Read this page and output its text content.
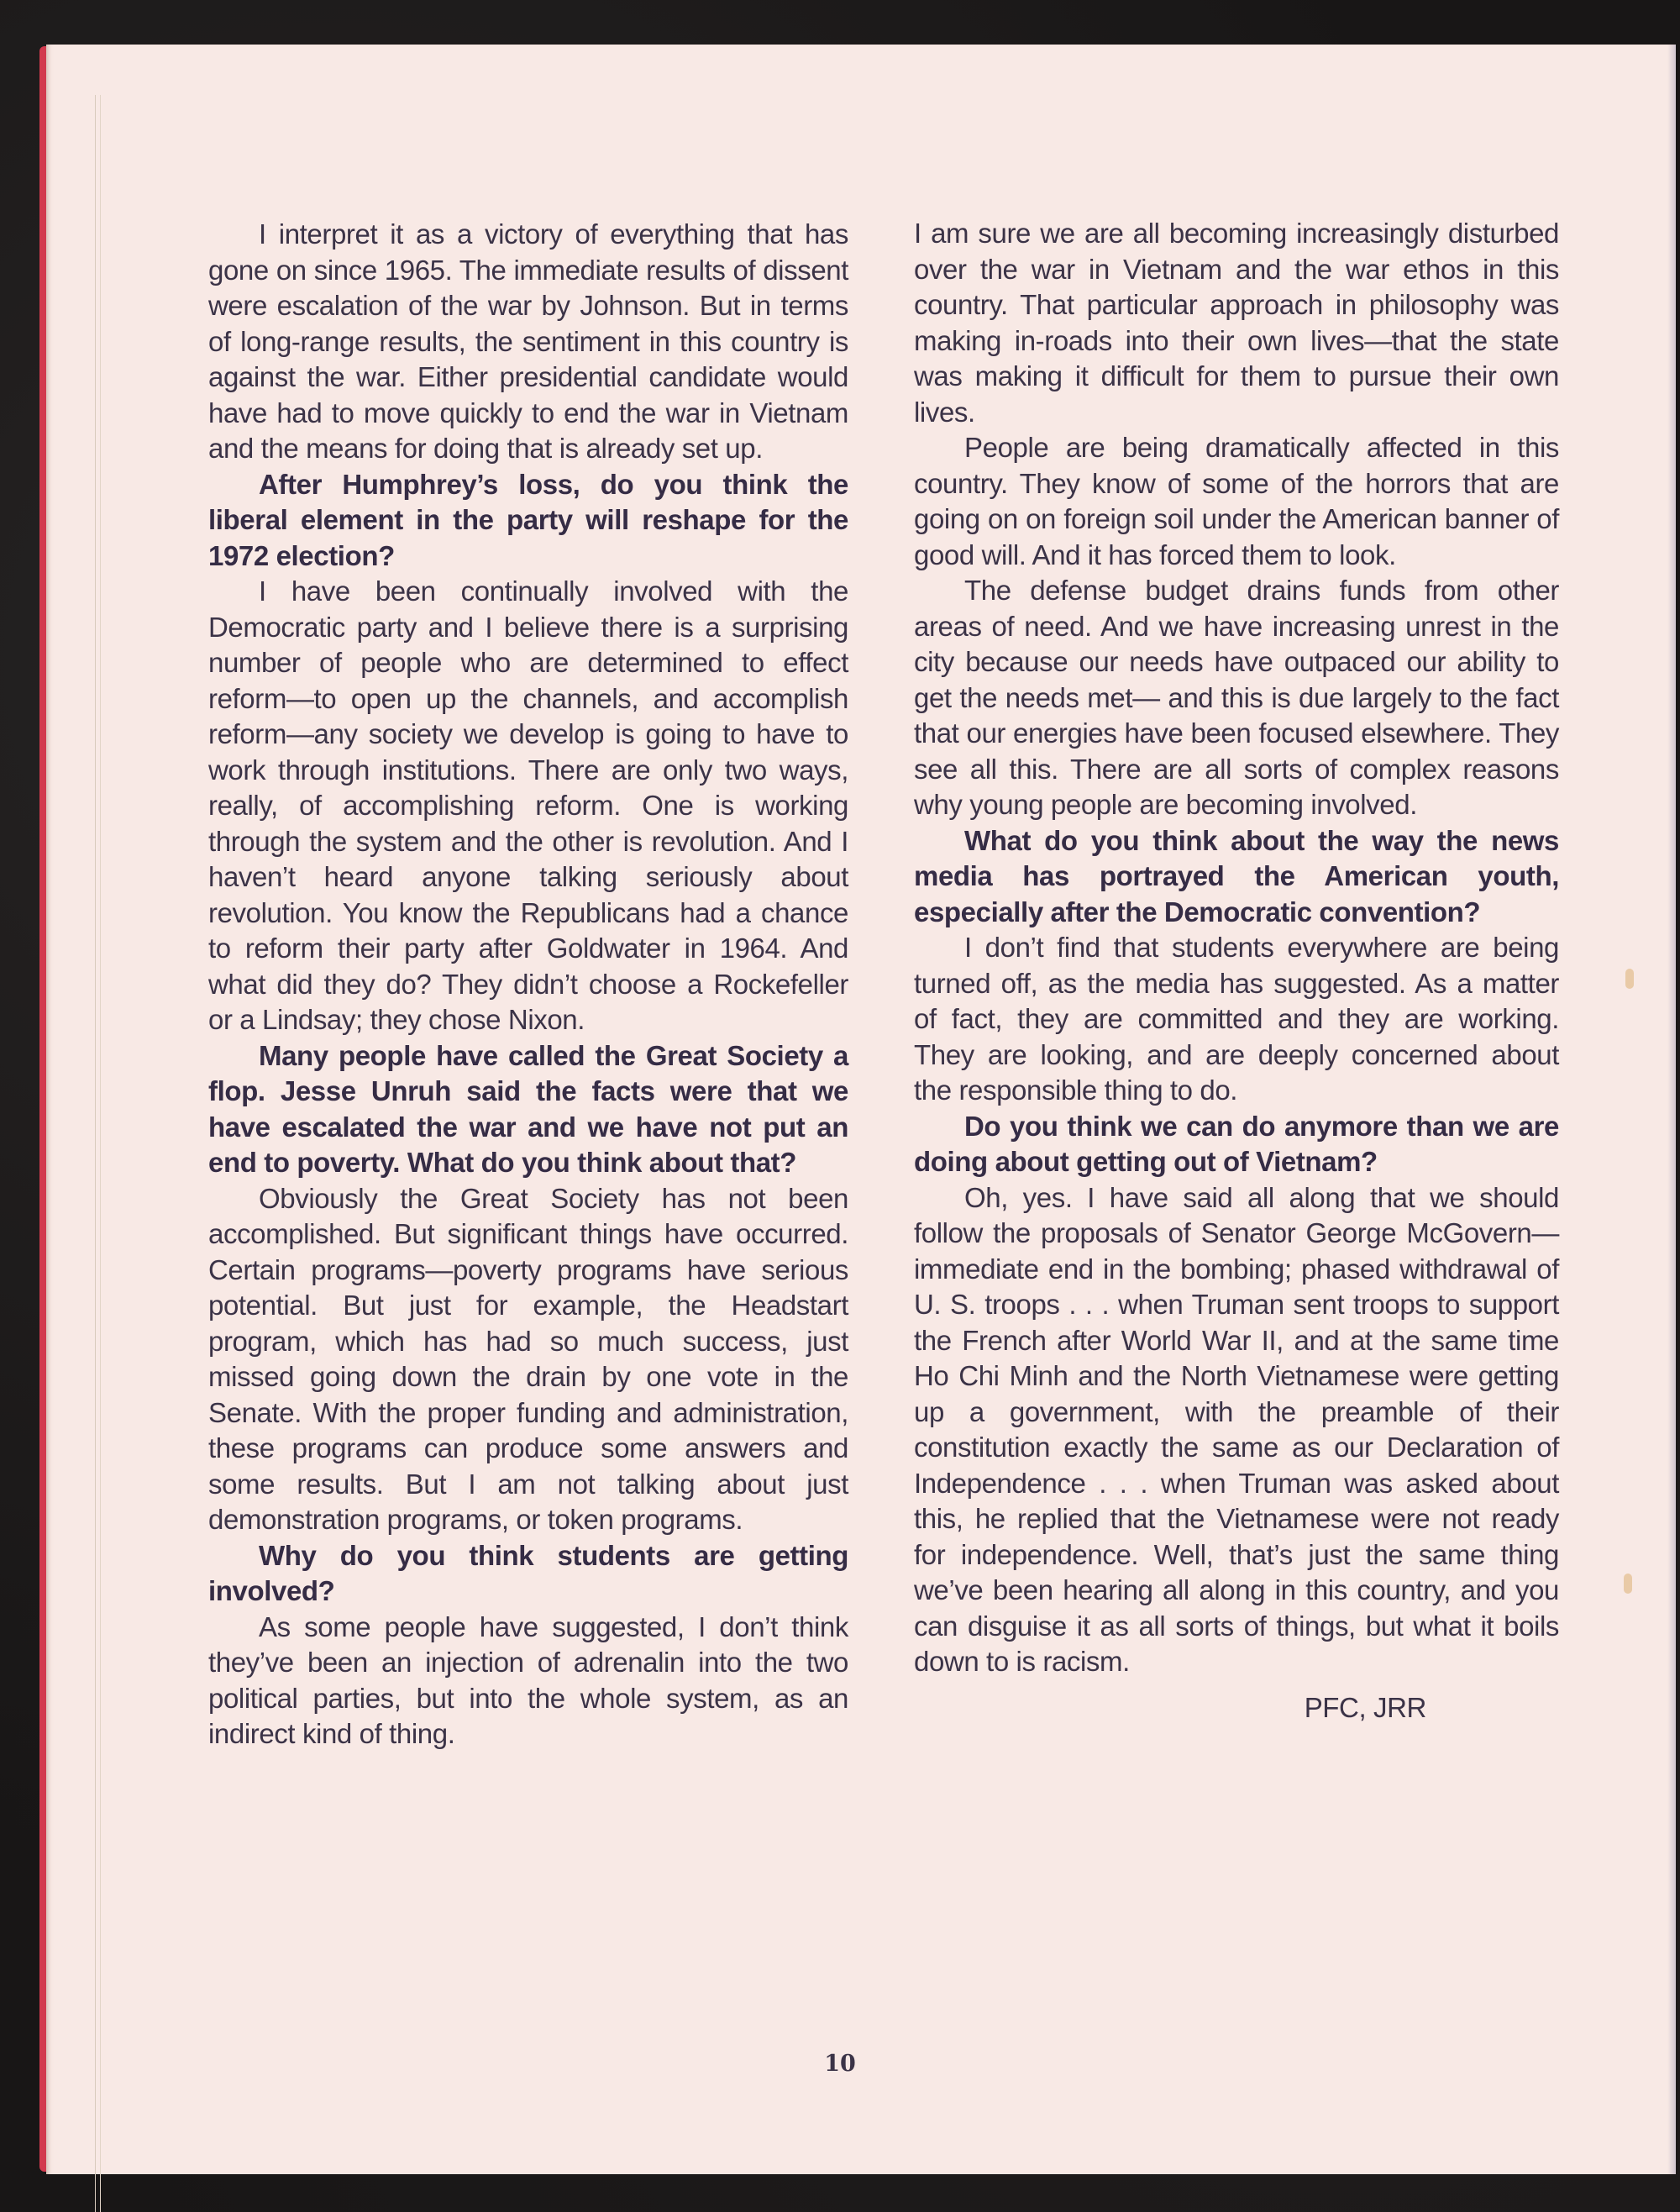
I interpret it as a victory of everything that has gone on since 1965. The immediate results of dissent were escalation of the war by Johnson. But in terms of long-range results, the sentiment in this country is against the war. Either presidential candidate would have had to move quickly to end the war in Vietnam and the means for doing that is already set up.

After Humphrey’s loss, do you think the liberal element in the party will reshape for the 1972 election?

I have been continually involved with the Democratic party and I believe there is a surprising number of people who are determined to effect reform—to open up the channels, and accomplish reform—any society we develop is going to have to work through institutions. There are only two ways, really, of accomplishing reform. One is working through the system and the other is revolution. And I haven’t heard anyone talking seriously about revolution. You know the Republicans had a chance to reform their party after Goldwater in 1964. And what did they do? They didn’t choose a Rockefeller or a Lindsay; they chose Nixon.

Many people have called the Great Society a flop. Jesse Unruh said the facts were that we have escalated the war and we have not put an end to poverty. What do you think about that?

Obviously the Great Society has not been accomplished. But significant things have occurred. Certain programs—poverty programs have serious potential. But just for example, the Headstart program, which has had so much success, just missed going down the drain by one vote in the Senate. With the proper funding and administration, these programs can produce some answers and some results. But I am not talking about just demonstration programs, or token programs.

Why do you think students are getting involved?

As some people have suggested, I don’t think they’ve been an injection of adrenalin into the two political parties, but into the whole system, as an indirect kind of thing.

I am sure we are all becoming increasingly disturbed over the war in Vietnam and the war ethos in this country. That particular approach in philosophy was making in-roads into their own lives—that the state was making it difficult for them to pursue their own lives.

People are being dramatically affected in this country. They know of some of the horrors that are going on on foreign soil under the American banner of good will. And it has forced them to look.

The defense budget drains funds from other areas of need. And we have increasing unrest in the city because our needs have outpaced our ability to get the needs met— and this is due largely to the fact that our energies have been focused elsewhere. They see all this. There are all sorts of complex reasons why young people are becoming involved.

What do you think about the way the news media has portrayed the American youth, especially after the Democratic convention?

I don’t find that students everywhere are being turned off, as the media has suggested. As a matter of fact, they are committed and they are working. They are looking, and are deeply concerned about the responsible thing to do.

Do you think we can do anymore than we are doing about getting out of Vietnam?

Oh, yes. I have said all along that we should follow the proposals of Senator George McGovern—immediate end in the bombing; phased withdrawal of U. S. troops . . . when Truman sent troops to support the French after World War II, and at the same time Ho Chi Minh and the North Vietnamese were getting up a government, with the preamble of their constitution exactly the same as our Declaration of Independence . . . when Truman was asked about this, he replied that the Vietnamese were not ready for independence. Well, that’s just the same thing we’ve been hearing all along in this country, and you can disguise it as all sorts of things, but what it boils down to is racism.

PFC, JRR

10
